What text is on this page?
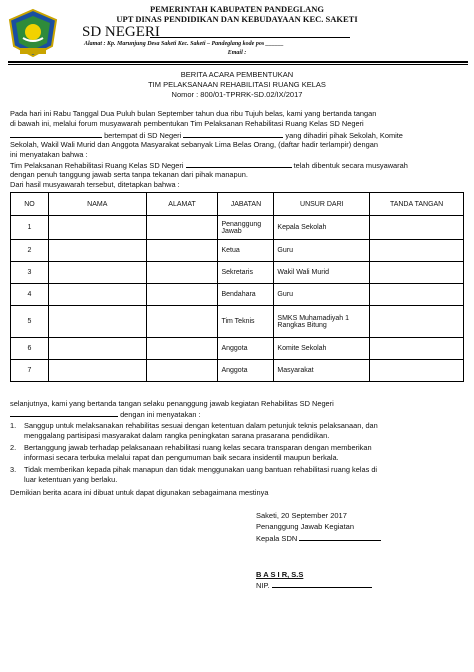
PEMERINTAH KABUPATEN PANDEGLANG
UPT DINAS PENDIDIKAN DAN KEBUDAYAAN KEC. SAKETI
SD NEGERI
Alamat : Kp. Marunjung Desa Saketi Kec. Saketi – Pandeglang kode pos ______
Email :
BERITA ACARA PEMBENTUKAN
TIM PELAKSANAAN REHABILITASI RUANG KELAS
Nomor : 800/01-TPRRK-SD.02/IX/2017
Pada hari ini Rabu Tanggal Dua Puluh bulan September tahun dua ribu Tujuh belas, kami yang bertanda tangan
di bawah ini, melalui forum musyawarah pembentukan Tim Pelaksanan Rehabilitasi Ruang Kelas SD Negeri
bertempat di SD Negeri	yang dihadiri pihak Sekolah, Komite
Sekolah, Wakil Wali Murid dan Anggota Masyarakat sebanyak Lima Belas Orang, (daftar hadir terlampir) dengan
ini menyatakan bahwa :
Tim Pelaksanan Rehabilitasi Ruang Kelas SD Negeri	telah dibentuk secara musyawarah
dengan penuh tanggung jawab serta tanpa tekanan dari pihak manapun.
Dari hasil musyawarah tersebut, ditetapkan bahwa :
NO	NAMA	ALAMAT	JABATAN	UNSUR DARI	TANDA TANGAN
1			Penanggung Jawab	Kepala Sekolah	
2			Ketua	Guru	
3			Sekretaris	Wakil Wali Murid	
4			Bendahara	Guru	
5			Tim Teknis	SMKS Muhamadiyah 1 Rangkas Bitung	
6			Anggota	Komite Sekolah	
7			Anggota	Masyarakat	
selanjutnya, kami yang bertanda tangan selaku penanggung jawab kegiatan Rehabilitas SD Negeri
dengan ini menyatakan :
1. Sanggup untuk melaksanakan rehabilitas sesuai dengan ketentuan dalam petunjuk teknis pelaksanaan, dan
menggalang partisipasi masyarakat dalam rangka peningkatan sarana prasarana pendidikan.
2. Bertanggung jawab terhadap pelaksanaan rehabilitasi ruang kelas secara transparan dengan memberikan
informasi secara terbuka melalui rapat dan pengumuman baik secara insidentil maupun berkala.
3. Tidak memberikan kepada pihak manapun dan tidak menggunakan uang bantuan rehabilitasi ruang kelas di
luar ketentuan yang berlaku.
Demikian berita acara ini dibuat untuk dapat digunakan sebagaimana mestinya
Saketi, 20 September 2017
Penanggung Jawab Kegiatan
Kepala SDN
B A S I R, S.S
NIP.
